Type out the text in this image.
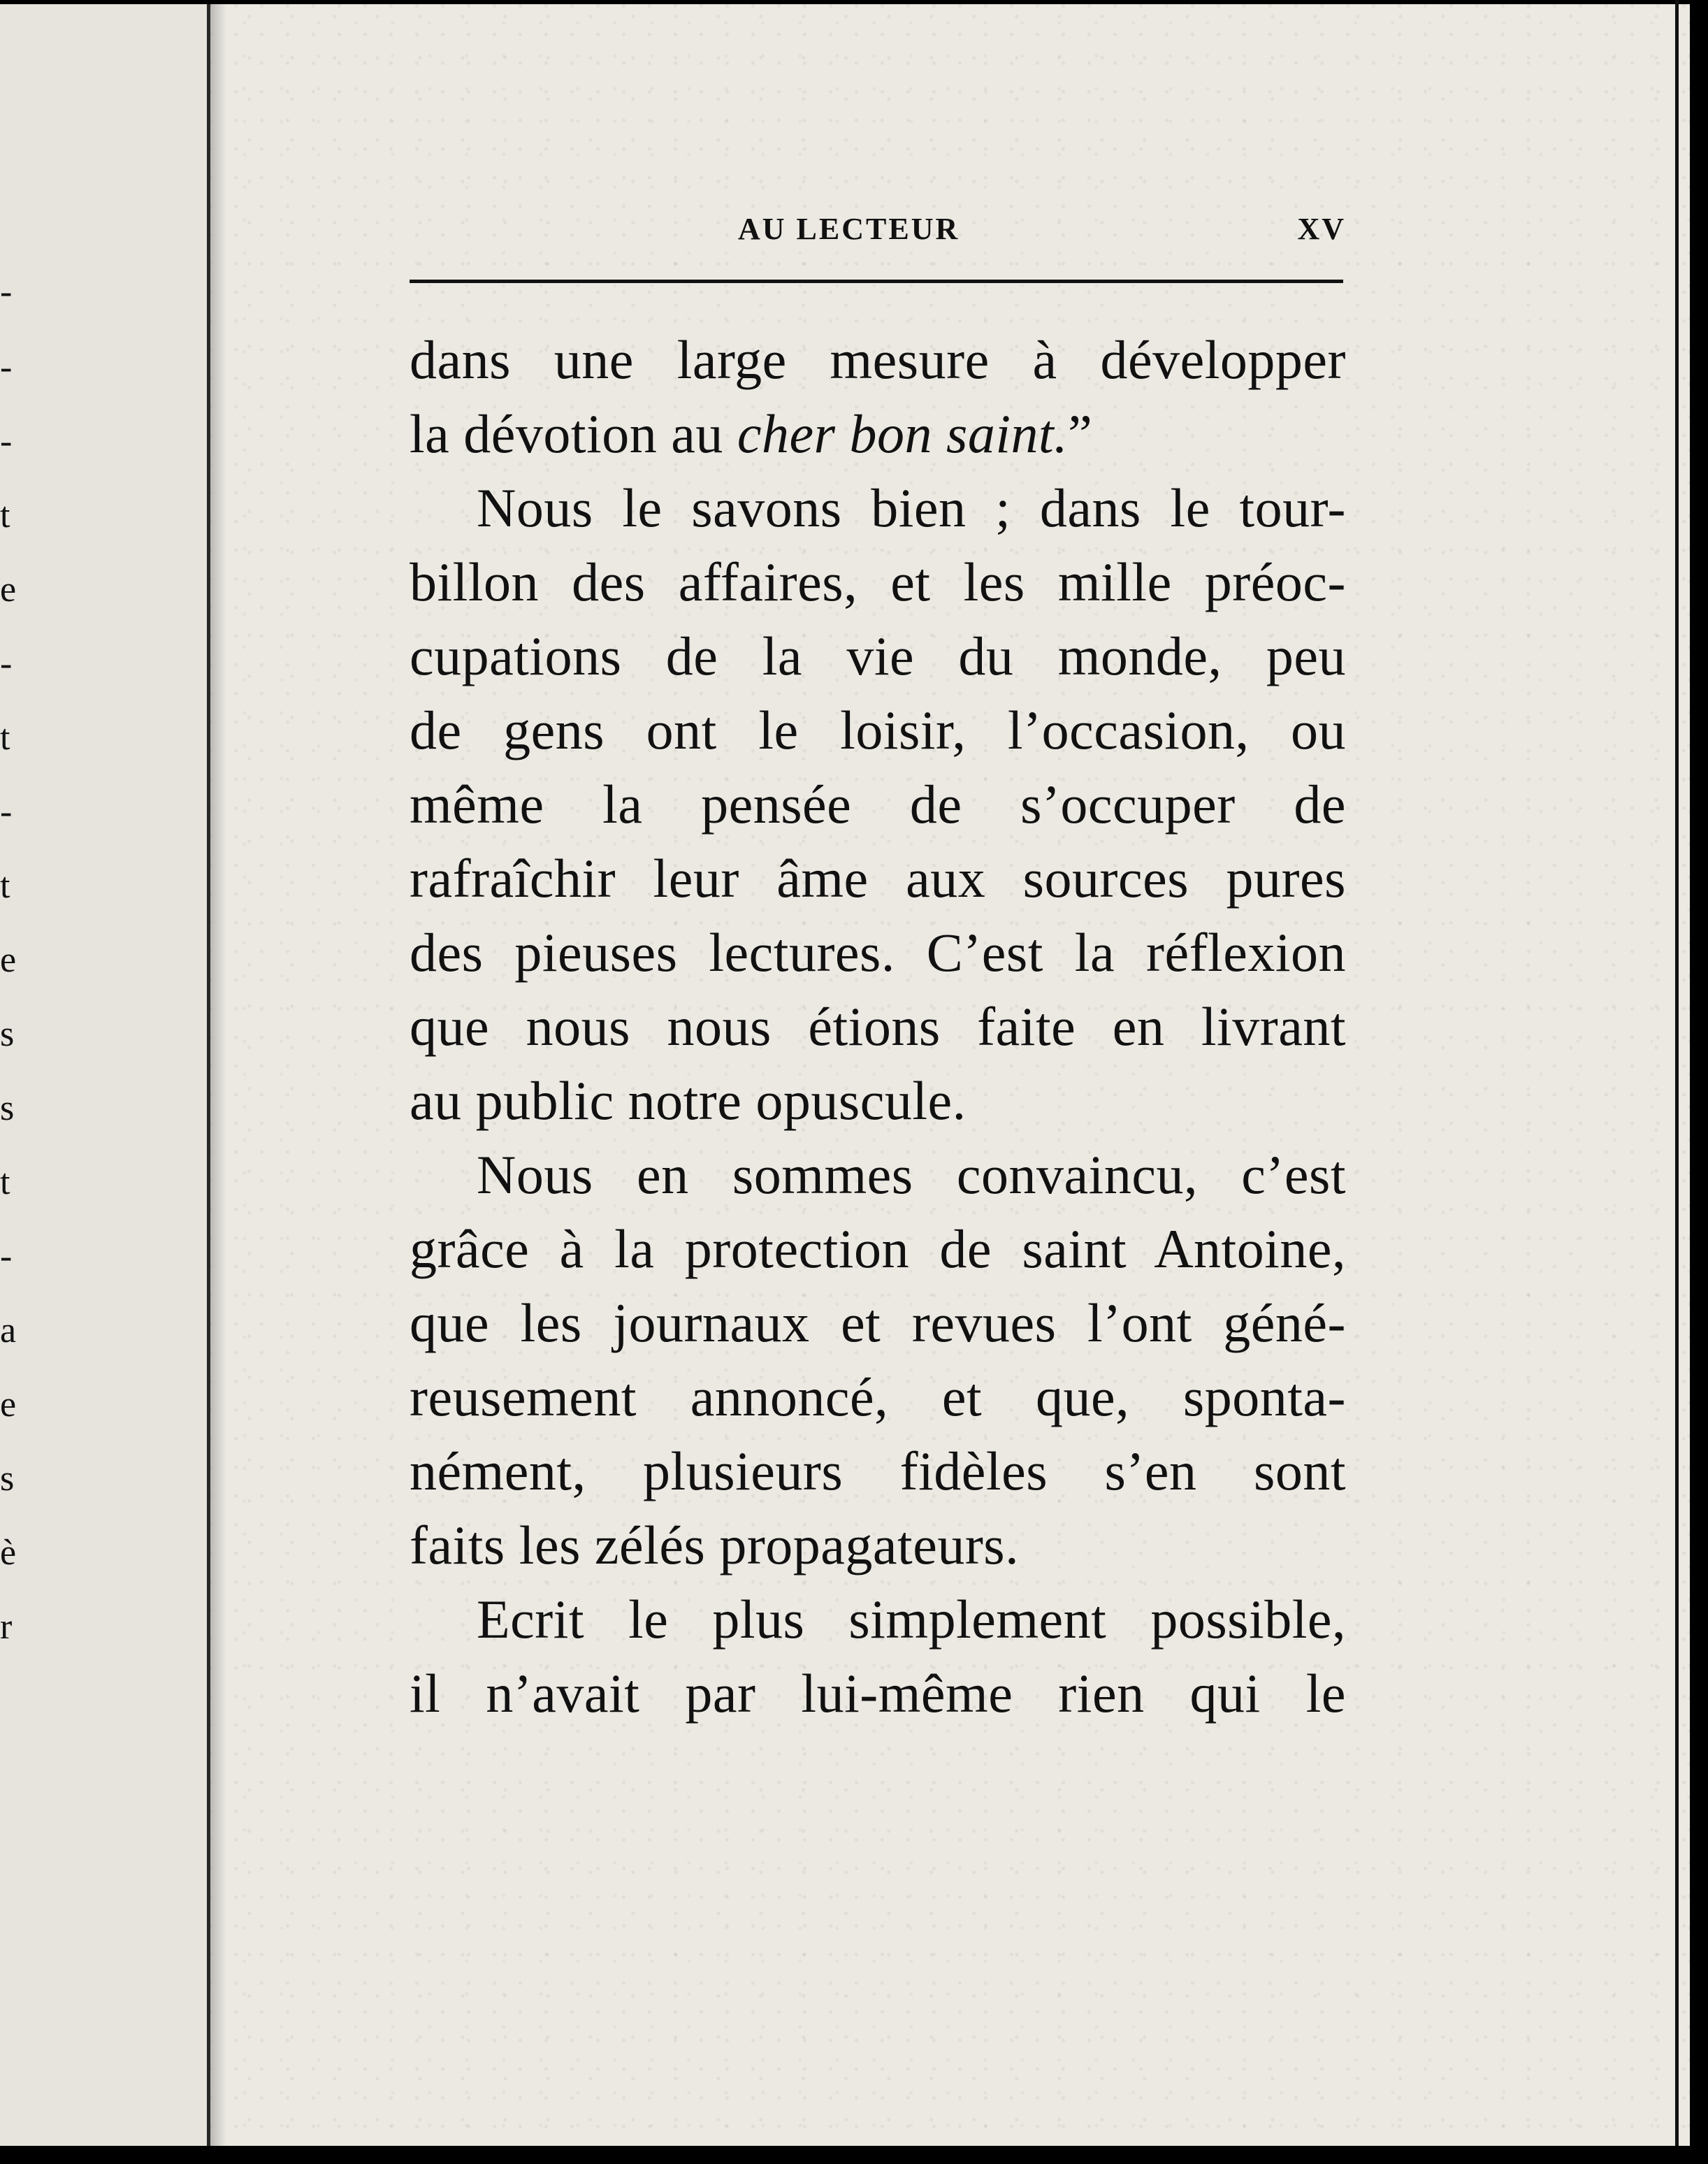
-
-
-
t
e
-
t
-
t
e
s
s
t
-
a
e
s
è
r
AU LECTEUR	XV
dans une large mesure à développer
la dévotion au cher bon saint.”
Nous le savons bien ; dans le tour-
billon des affaires, et les mille préoc-
cupations de la vie du monde, peu
de gens ont le loisir, l’occasion, ou
même la pensée de s’occuper de
rafraîchir leur âme aux sources pures
des pieuses lectures. C’est la réflexion
que nous nous étions faite en livrant
au public notre opuscule.
Nous en sommes convaincu, c’est
grâce à la protection de saint Antoine,
que les journaux et revues l’ont géné-
reusement annoncé, et que, sponta-
nément, plusieurs fidèles s’en sont
faits les zélés propagateurs.
Ecrit le plus simplement possible,
il n’avait par lui-même rien qui le
